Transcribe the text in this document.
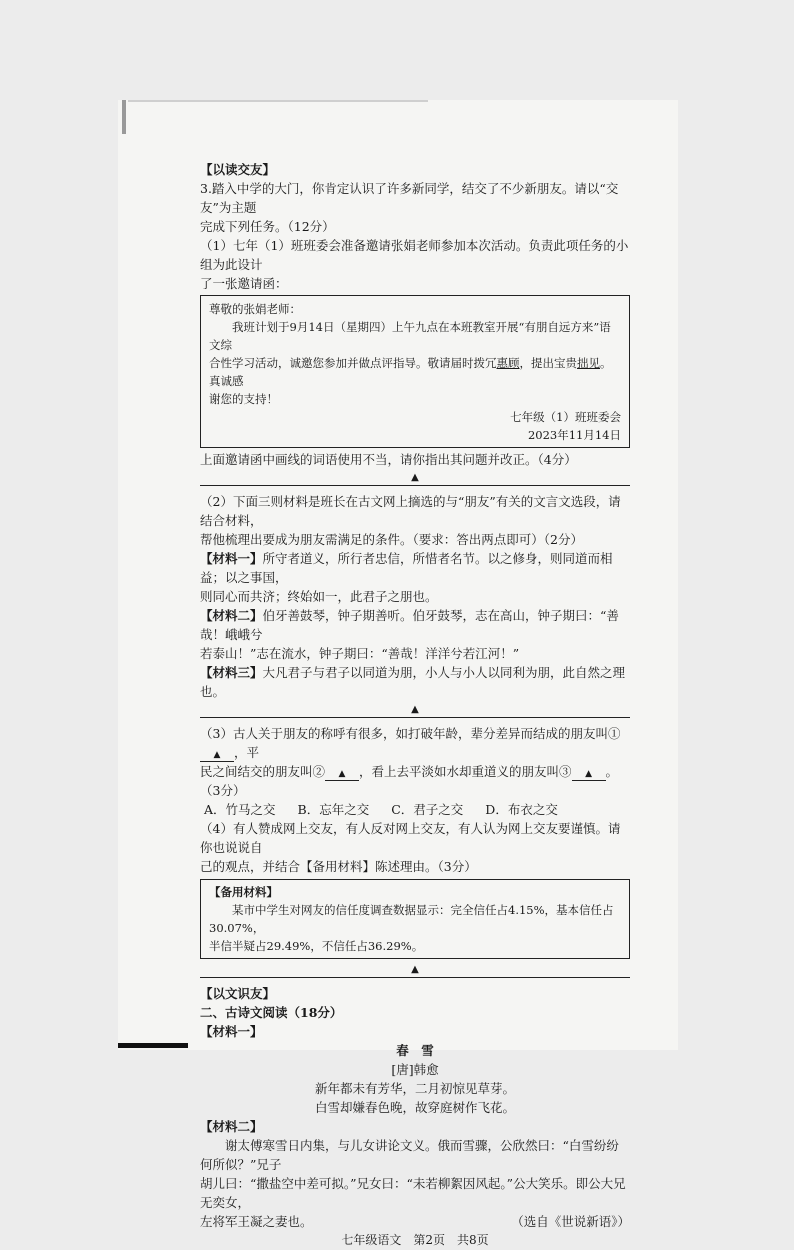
【以读交友】

3.踏入中学的大门，你肯定认识了许多新同学，结交了不少新朋友。请以“交友”为主题

完成下列任务。（12分）

（1）七年（1）班班委会准备邀请张娟老师参加本次活动。负责此项任务的小组为此设计

了一张邀请函：

尊敬的张娟老师：

我班计划于9月14日（星期四）上午九点在本班教室开展“有朋自远方来”语文综

合性学习活动，诚邀您参加并做点评指导。敬请届时拨冗惠顾，提出宝贵拙见。真诚感

谢您的支持！

七年级（1）班班委会

2023年11月14日

上面邀请函中画线的词语使用不当，请你指出其问题并改正。（4分）

▲

（2）下面三则材料是班长在古文网上摘选的与“朋友”有关的文言文选段，请结合材料，

帮他梳理出要成为朋友需满足的条件。（要求：答出两点即可）（2分）

【材料一】所守者道义，所行者忠信，所惜者名节。以之修身，则同道而相益；以之事国，

则同心而共济；终始如一，此君子之朋也。

【材料二】伯牙善鼓琴，钟子期善听。伯牙鼓琴，志在高山，钟子期曰：“善哉！峨峨兮

若泰山！”志在流水，钟子期曰：“善哉！洋洋兮若江河！”

【材料三】大凡君子与君子以同道为朋，小人与小人以同利为朋，此自然之理也。

▲

（3）古人关于朋友的称呼有很多，如打破年龄，辈分差异而结成的朋友叫①▲ ，平

民之间结交的朋友叫② ▲ ，看上去平淡如水却重道义的朋友叫③ ▲ 。（3分）

A．竹马之交 B．忘年之交 C．君子之交 D．布衣之交

（4）有人赞成网上交友，有人反对网上交友，有人认为网上交友要谨慎。请你也说说自

己的观点，并结合【备用材料】陈述理由。（3分）

【备用材料】

某市中学生对网友的信任度调查数据显示：完全信任占4.15%，基本信任占30.07%，

半信半疑占29.49%，不信任占36.29%。

▲

【以文识友】

二、古诗文阅读（18分）

【材料一】

春　雪

[唐]韩愈

新年都未有芳华，二月初惊见草芽。

白雪却嫌春色晚，故穿庭树作飞花。

【材料二】

谢太傅寒雪日内集，与儿女讲论文义。俄而雪骤，公欣然曰：“白雪纷纷何所似？”兄子

胡儿曰：“撒盐空中差可拟。”兄女曰：“未若柳絮因风起。”公大笑乐。即公大兄无奕女，

左将军王凝之妻也。	（选自《世说新语》）

七年级语文　第2页　共8页
